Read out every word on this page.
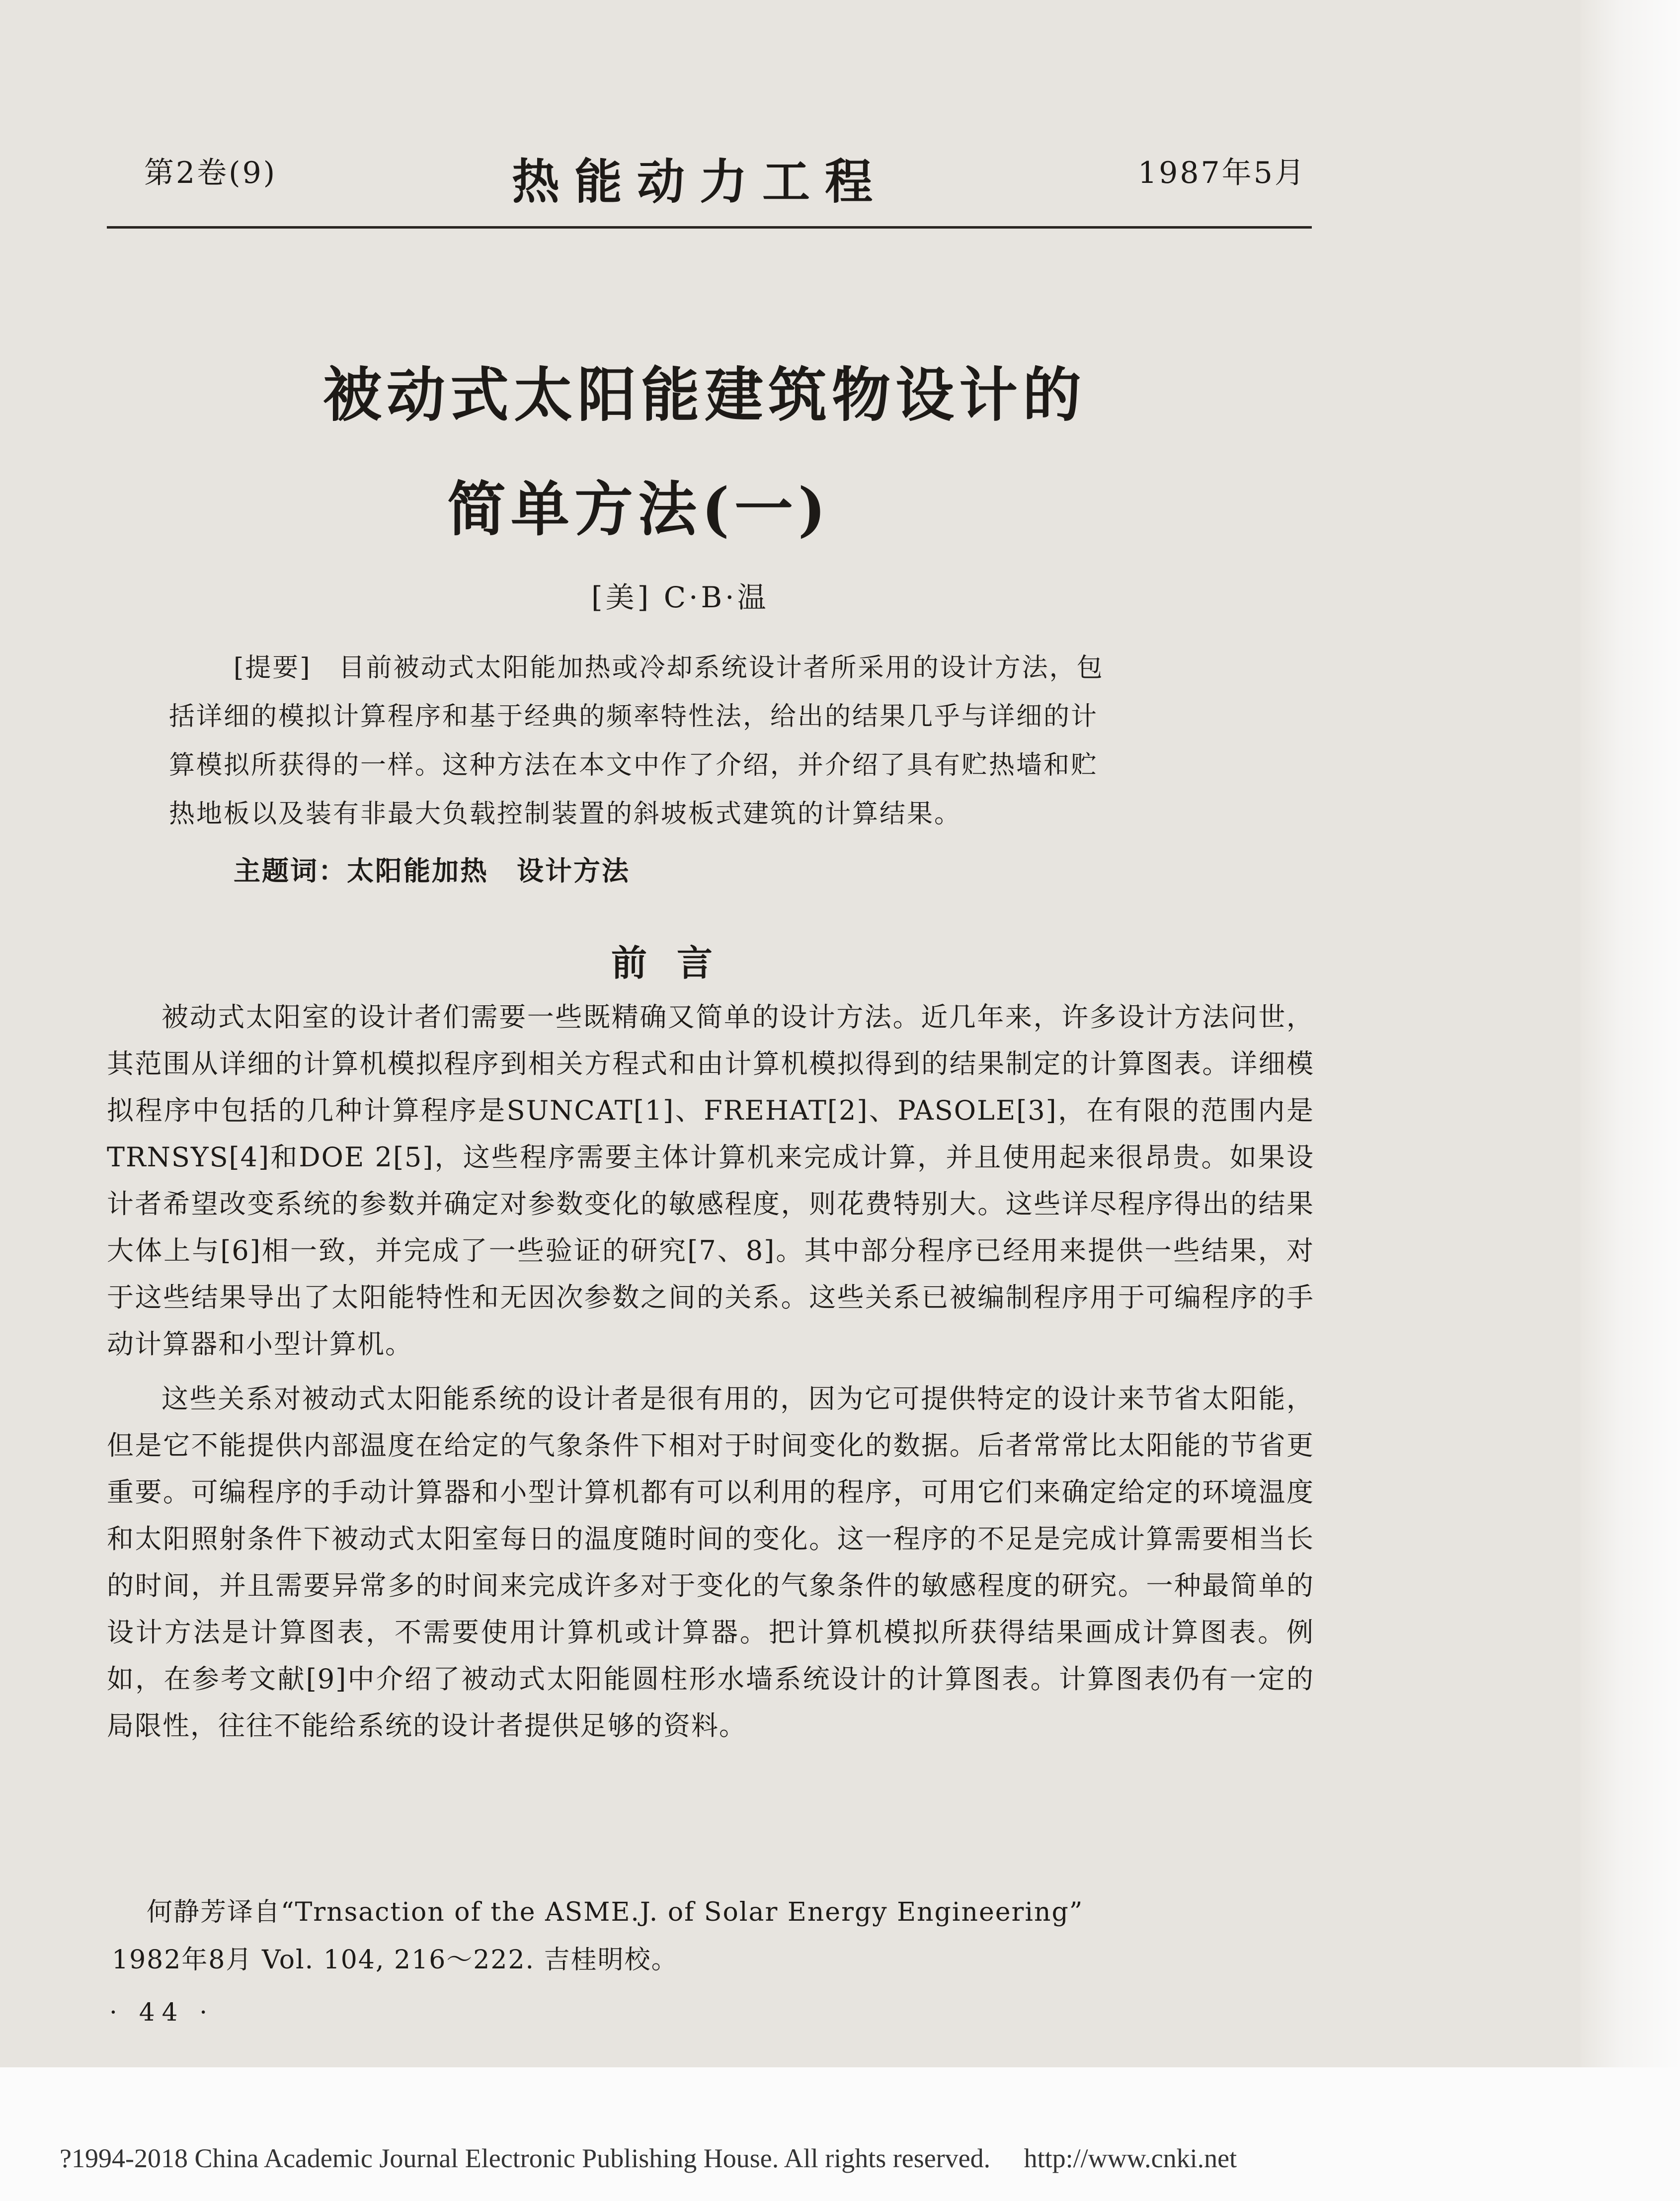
第2卷(9)	热能动力工程	1987年5月
被动式太阳能建筑物设计的
简单方法(一)
[美] C·B·温
[提要]　 目前被动式太阳能加热或冷却系统设计者所采用的设计方法，包
括详细的模拟计算程序和基于经典的频率特性法，给出的结果几乎与详细的计
算模拟所获得的一样。这种方法在本文中作了介绍，并介绍了具有贮热墙和贮
热地板以及装有非最大负载控制装置的斜坡板式建筑的计算结果。
主题词：太阳能加热　设计方法
前言

被动式太阳室的设计者们需要一些既精确又简单的设计方法。近几年来，许多设计方法问世，其范围从详细的计算机模拟程序到相关方程式和由计算机模拟得到的结果制定的计算图表。详细模拟程序中包括的几种计算程序是SUNCAT[1]、FREHAT[2]、PASOLE[3]，在有限的范围内是TRNSYS[4]和DOE 2[5]，这些程序需要主体计算机来完成计算，并且使用起来很昂贵。如果设计者希望改变系统的参数并确定对参数变化的敏感程度，则花费特别大。这些详尽程序得出的结果大体上与[6]相一致，并完成了一些验证的研究[7、8]。其中部分程序已经用来提供一些结果，对于这些结果导出了太阳能特性和无因次参数之间的关系。这些关系已被编制程序用于可编程序的手动计算器和小型计算机。

这些关系对被动式太阳能系统的设计者是很有用的，因为它可提供特定的设计来节省太阳能，但是它不能提供内部温度在给定的气象条件下相对于时间变化的数据。后者常常比太阳能的节省更重要。可编程序的手动计算器和小型计算机都有可以利用的程序，可用它们来确定给定的环境温度和太阳照射条件下被动式太阳室每日的温度随时间的变化。这一程序的不足是完成计算需要相当长的时间，并且需要异常多的时间来完成许多对于变化的气象条件的敏感程度的研究。一种最简单的设计方法是计算图表，不需要使用计算机或计算器。把计算机模拟所获得结果画成计算图表。例如，在参考文献[9]中介绍了被动式太阳能圆柱形水墙系统设计的计算图表。计算图表仍有一定的局限性，往往不能给系统的设计者提供足够的资料。

何静芳译自“Trnsaction of the ASME.J. of Solar Energy Engineering”
1982年8月 Vol. 104, 216～222. 吉桂明校。
· 44 ·
?1994-2018 China Academic Journal Electronic Publishing House. All rights reserved.　 http://www.cnki.net
